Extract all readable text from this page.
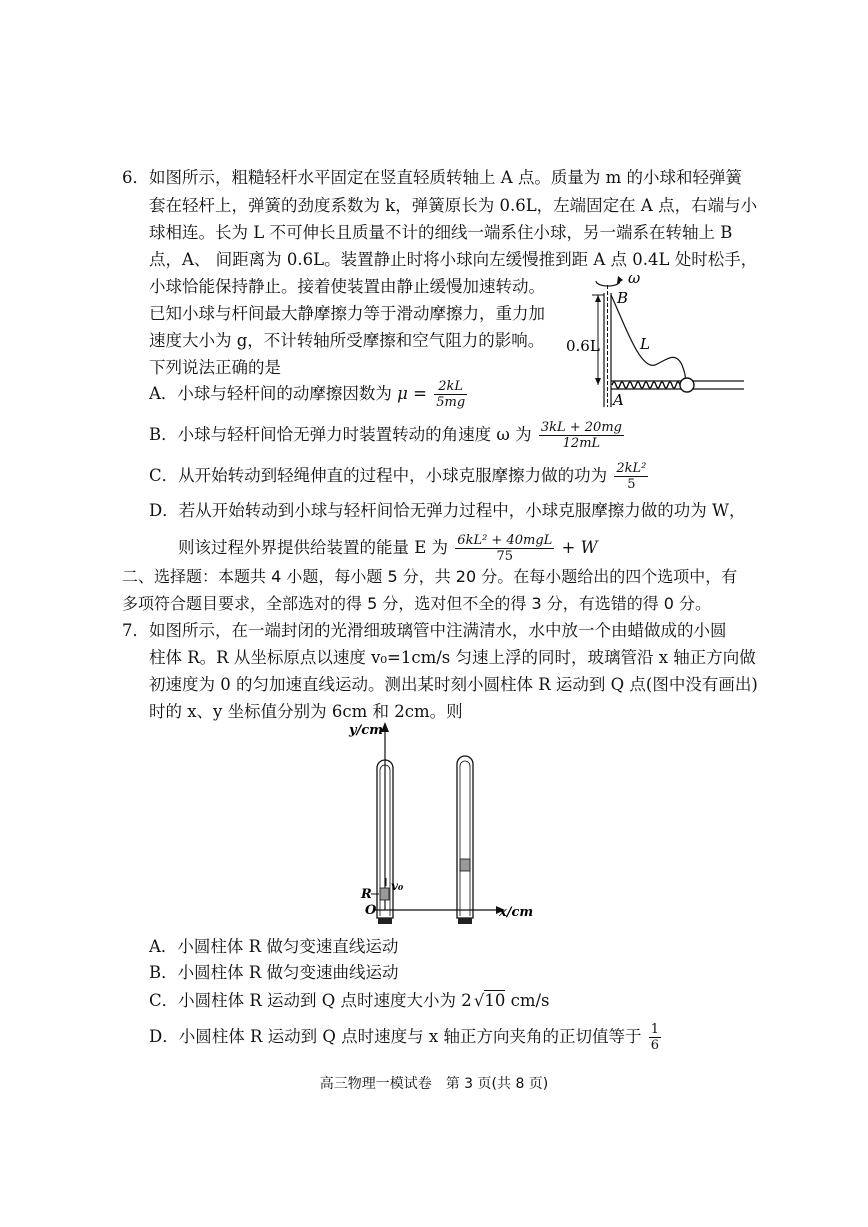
6． 如图所示，粗糙轻杆水平固定在竖直轻质转轴上 A 点。质量为 m 的小球和轻弹簧
套在轻杆上，弹簧的劲度系数为 k，弹簧原长为 0.6L，左端固定在 A 点，右端与小
球相连。长为 L 不可伸长且质量不计的细线一端系住小球，另一端系在转轴上 B
点，A、 间距离为 0.6L。装置静止时将小球向左缓慢推到距 A 点 0.4L 处时松手，
小球恰能保持静止。接着使装置由静止缓慢加速转动。
已知小球与杆间最大静摩擦力等于滑动摩擦力，重力加
速度大小为 g，不计转轴所受摩擦和空气阻力的影响。
下列说法正确的是
ω
B
0.6L	L
A
A．小球与轻杆间的动摩擦因数为 $\mu = \frac{2kL}{5mg}$
B．小球与轻杆间恰无弹力时装置转动的角速度 ω 为 $\frac{3kL + 20mg}{12mL}$
C．从开始转动到轻绳伸直的过程中，小球克服摩擦力做的功为 $\frac{\text{2kL²}}{5}$
D．若从开始转动到小球与轻杆间恰无弹力过程中，小球克服摩擦力做的功为 W，
则该过程外界提供给装置的能量 E 为 $\frac{\text{6kL² + 40mgL}}{75} + W$
二、选择题：本题共 4 小题，每小题 5 分，共 20 分。在每小题给出的四个选项中，有
多项符合题目要求，全部选对的得 5 分，选对但不全的得 3 分，有选错的得 0 分。
7． 如图所示，在一端封闭的光滑细玻璃管中注满清水，水中放一个由蜡做成的小圆
柱体 R。R 从坐标原点以速度 v₀=1cm/s 匀速上浮的同时，玻璃管沿 x 轴正方向做
初速度为 0 的匀加速直线运动。测出某时刻小圆柱体 R 运动到 Q 点(图中没有画出)
时的 x、y 坐标值分别为 6cm 和 2cm。则
y/cm
x/cm
v₀
R
O
A．小圆柱体 R 做匀变速直线运动
B．小圆柱体 R 做匀变速曲线运动
C．小圆柱体 R 运动到 Q 点时速度大小为 2 √10 cm/s
D．小圆柱体 R 运动到 Q 点时速度与 x 轴正方向夹角的正切值等于 $\frac{1}{6}$
高三物理一模试卷　第 3 页(共 8 页)
